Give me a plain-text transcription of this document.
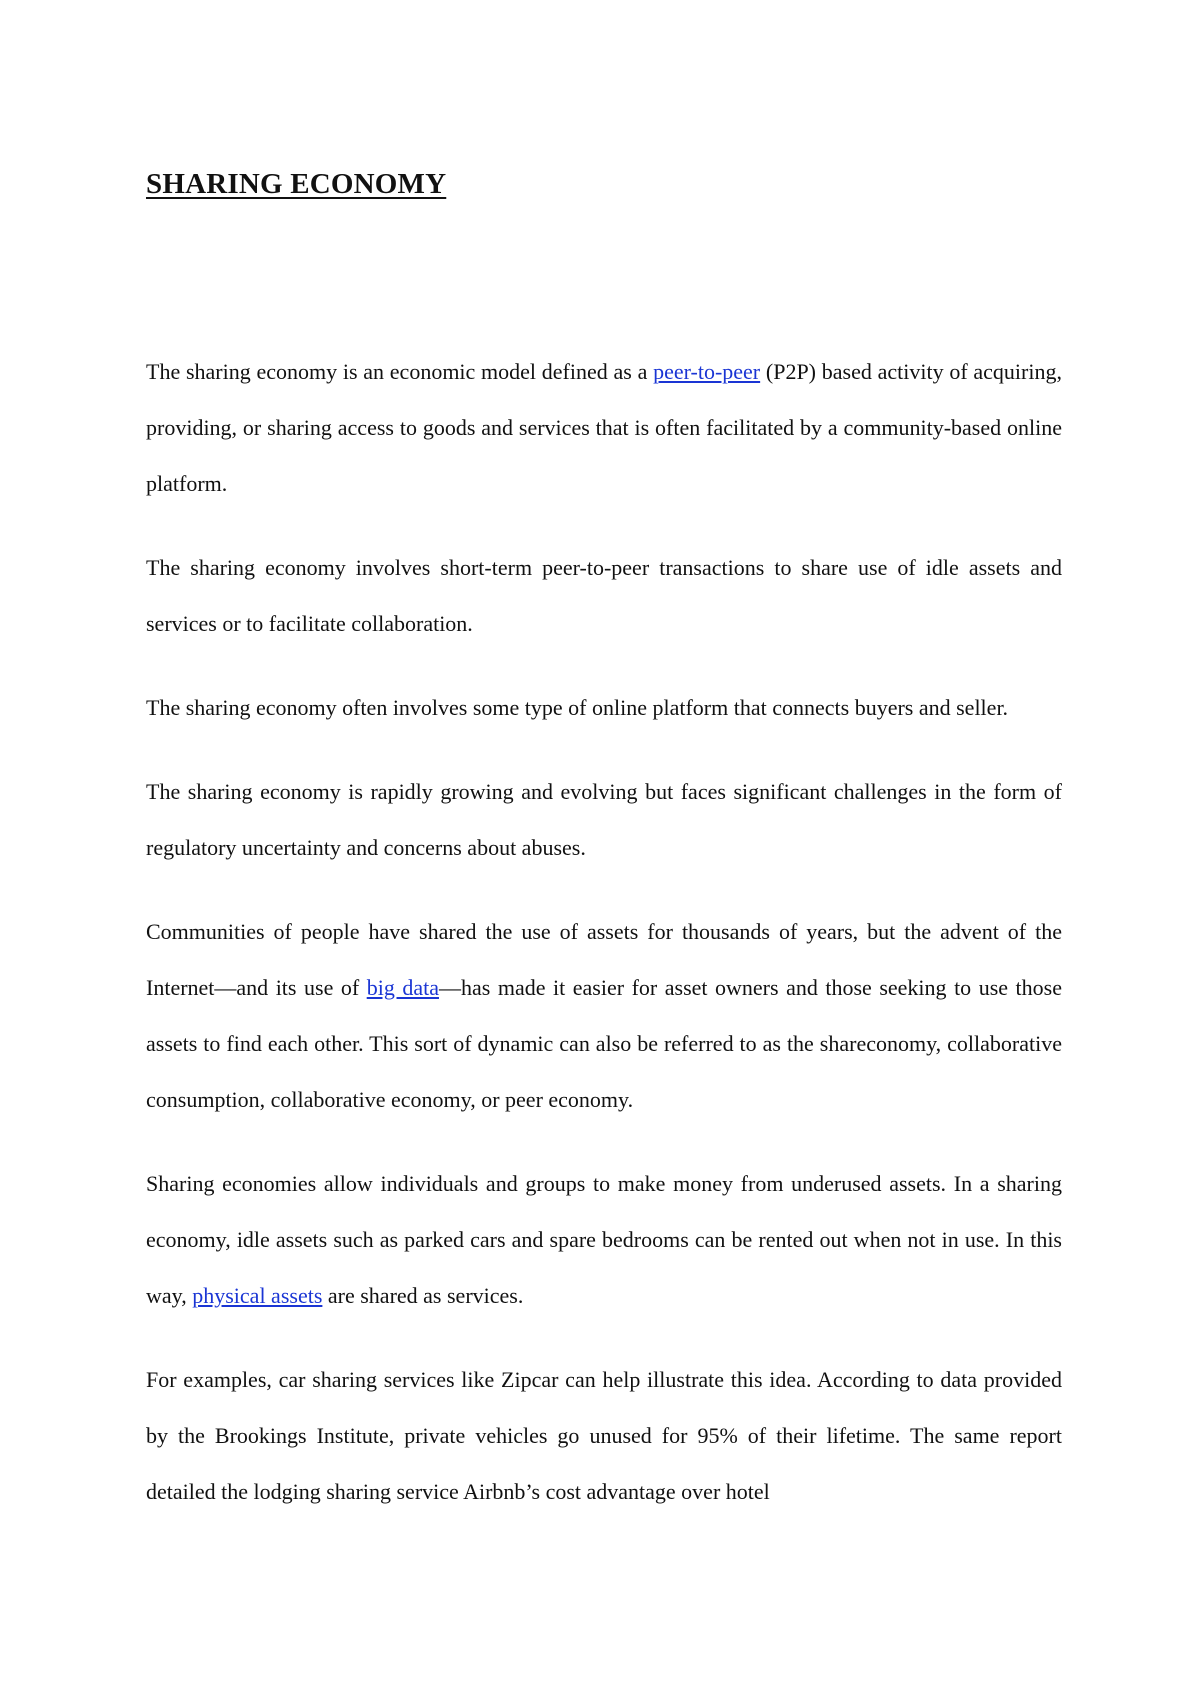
SHARING ECONOMY

The sharing economy is an economic model defined as a peer-to-peer (P2P) based activity of acquiring, providing, or sharing access to goods and services that is often facilitated by a community-based online platform.

The sharing economy involves short-term peer-to-peer transactions to share use of idle assets and services or to facilitate collaboration.

The sharing economy often involves some type of online platform that connects buyers and seller.

The sharing economy is rapidly growing and evolving but faces significant challenges in the form of regulatory uncertainty and concerns about abuses.

Communities of people have shared the use of assets for thousands of years, but the advent of the Internet—and its use of big data—has made it easier for asset owners and those seeking to use those assets to find each other. This sort of dynamic can also be referred to as the shareconomy, collaborative consumption, collaborative economy, or peer economy.

Sharing economies allow individuals and groups to make money from underused assets. In a sharing economy, idle assets such as parked cars and spare bedrooms can be rented out when not in use. In this way, physical assets are shared as services.

For examples, car sharing services like Zipcar can help illustrate this idea. According to data provided by the Brookings Institute, private vehicles go unused for 95% of their lifetime. The same report detailed the lodging sharing service Airbnb’s cost advantage over hotel
